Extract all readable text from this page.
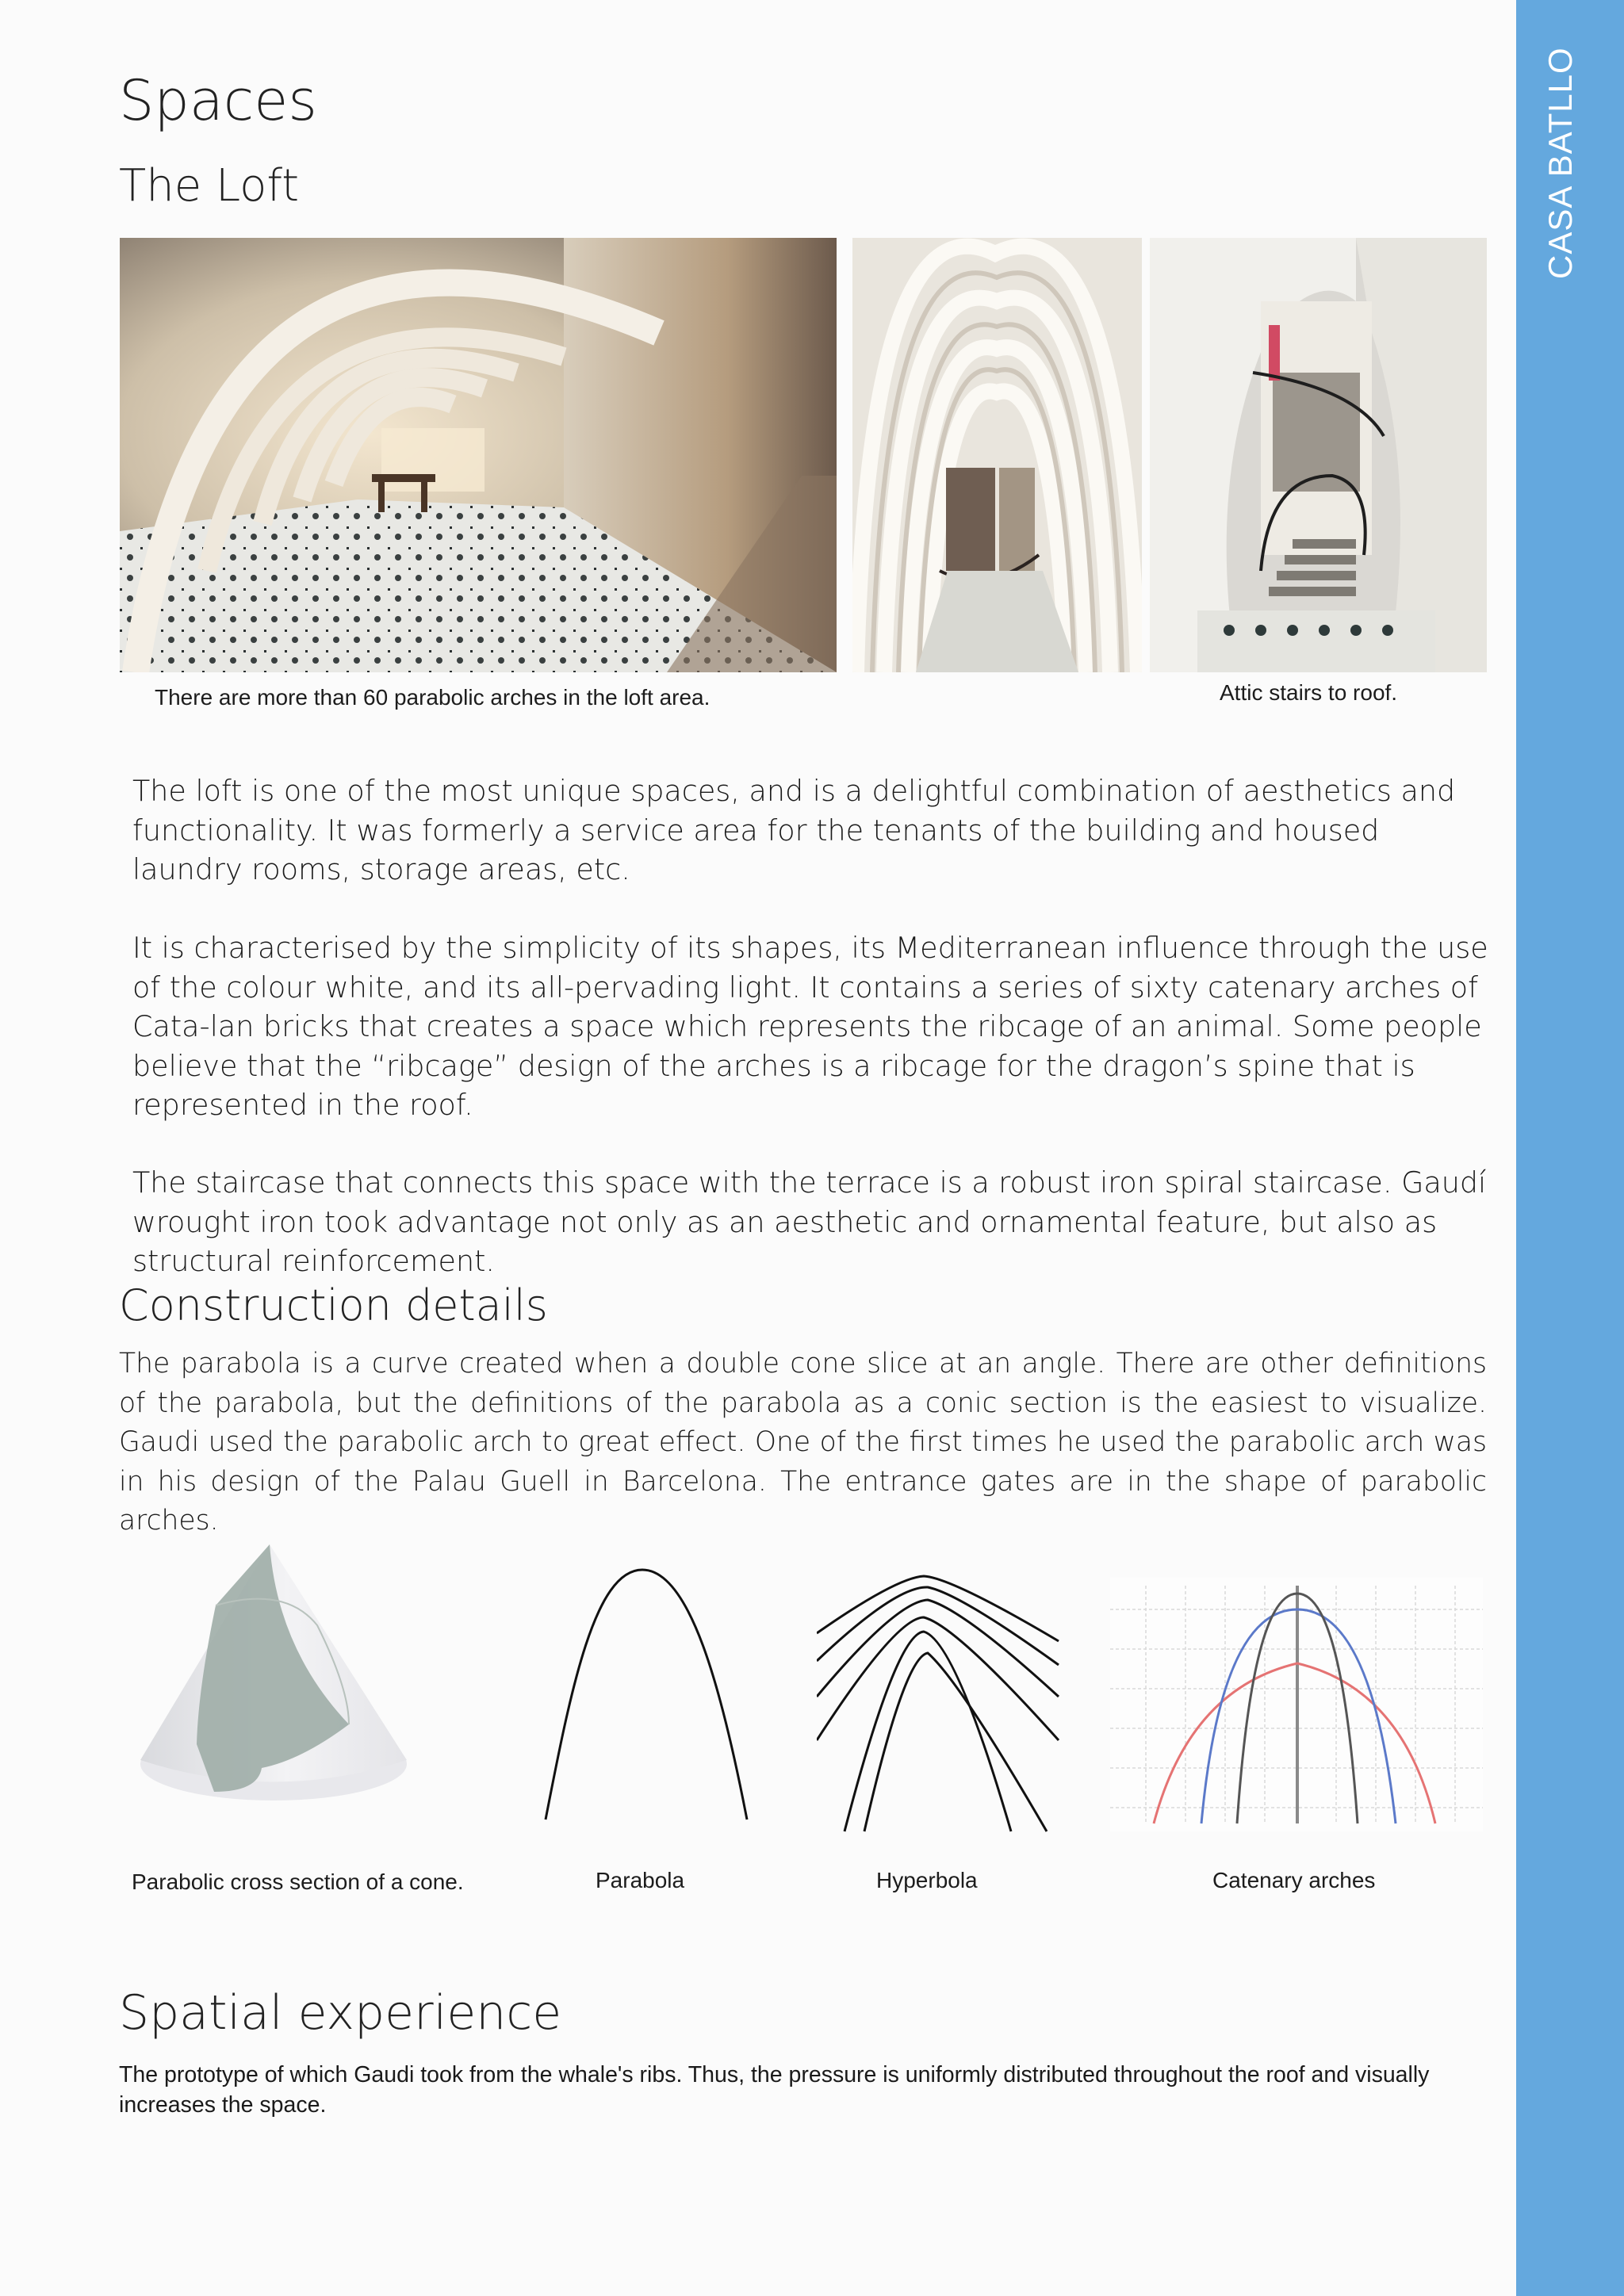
CASA BATLLO
Spaces
The Loft
There are more than 60 parabolic arches in the loft area.	Attic stairs to roof.
The loft is one of the most unique spaces, and is a delightful combination of aesthetics and functionality. It was formerly a service area for the tenants of the building and housed laundry rooms, storage areas, etc.
It is characterised by the simplicity of its shapes, its Mediterranean influence through the use of the colour white, and its all-pervading light. It contains a series of sixty catenary arches of Cata-lan bricks that creates a space which represents the ribcage of an animal. Some people believe that the “ribcage” design of the arches is a ribcage for the dragon’s spine that is represented in the roof.
The staircase that connects this space with the terrace is a robust iron spiral staircase. Gaudí wrought iron took advantage not only as an aesthetic and ornamental feature, but also as structural reinforcement.
Construction details
The parabola is a curve created when a double cone slice at an angle. There are other definitions of the parabola, but the definitions of the parabola as a conic section is the easiest to visualize. Gaudi used the parabolic arch to great effect. One of the first times he used the parabolic arch was in his design of the Palau Guell in Barcelona. The entrance gates are in the shape of parabolic arches.
Parabolic cross section of a cone.	Parabola	Hyperbola	Catenary arches
Spatial experience
The prototype of which Gaudi took from the whale's ribs. Thus, the pressure is uniformly distributed throughout the roof and visually increases the space.
